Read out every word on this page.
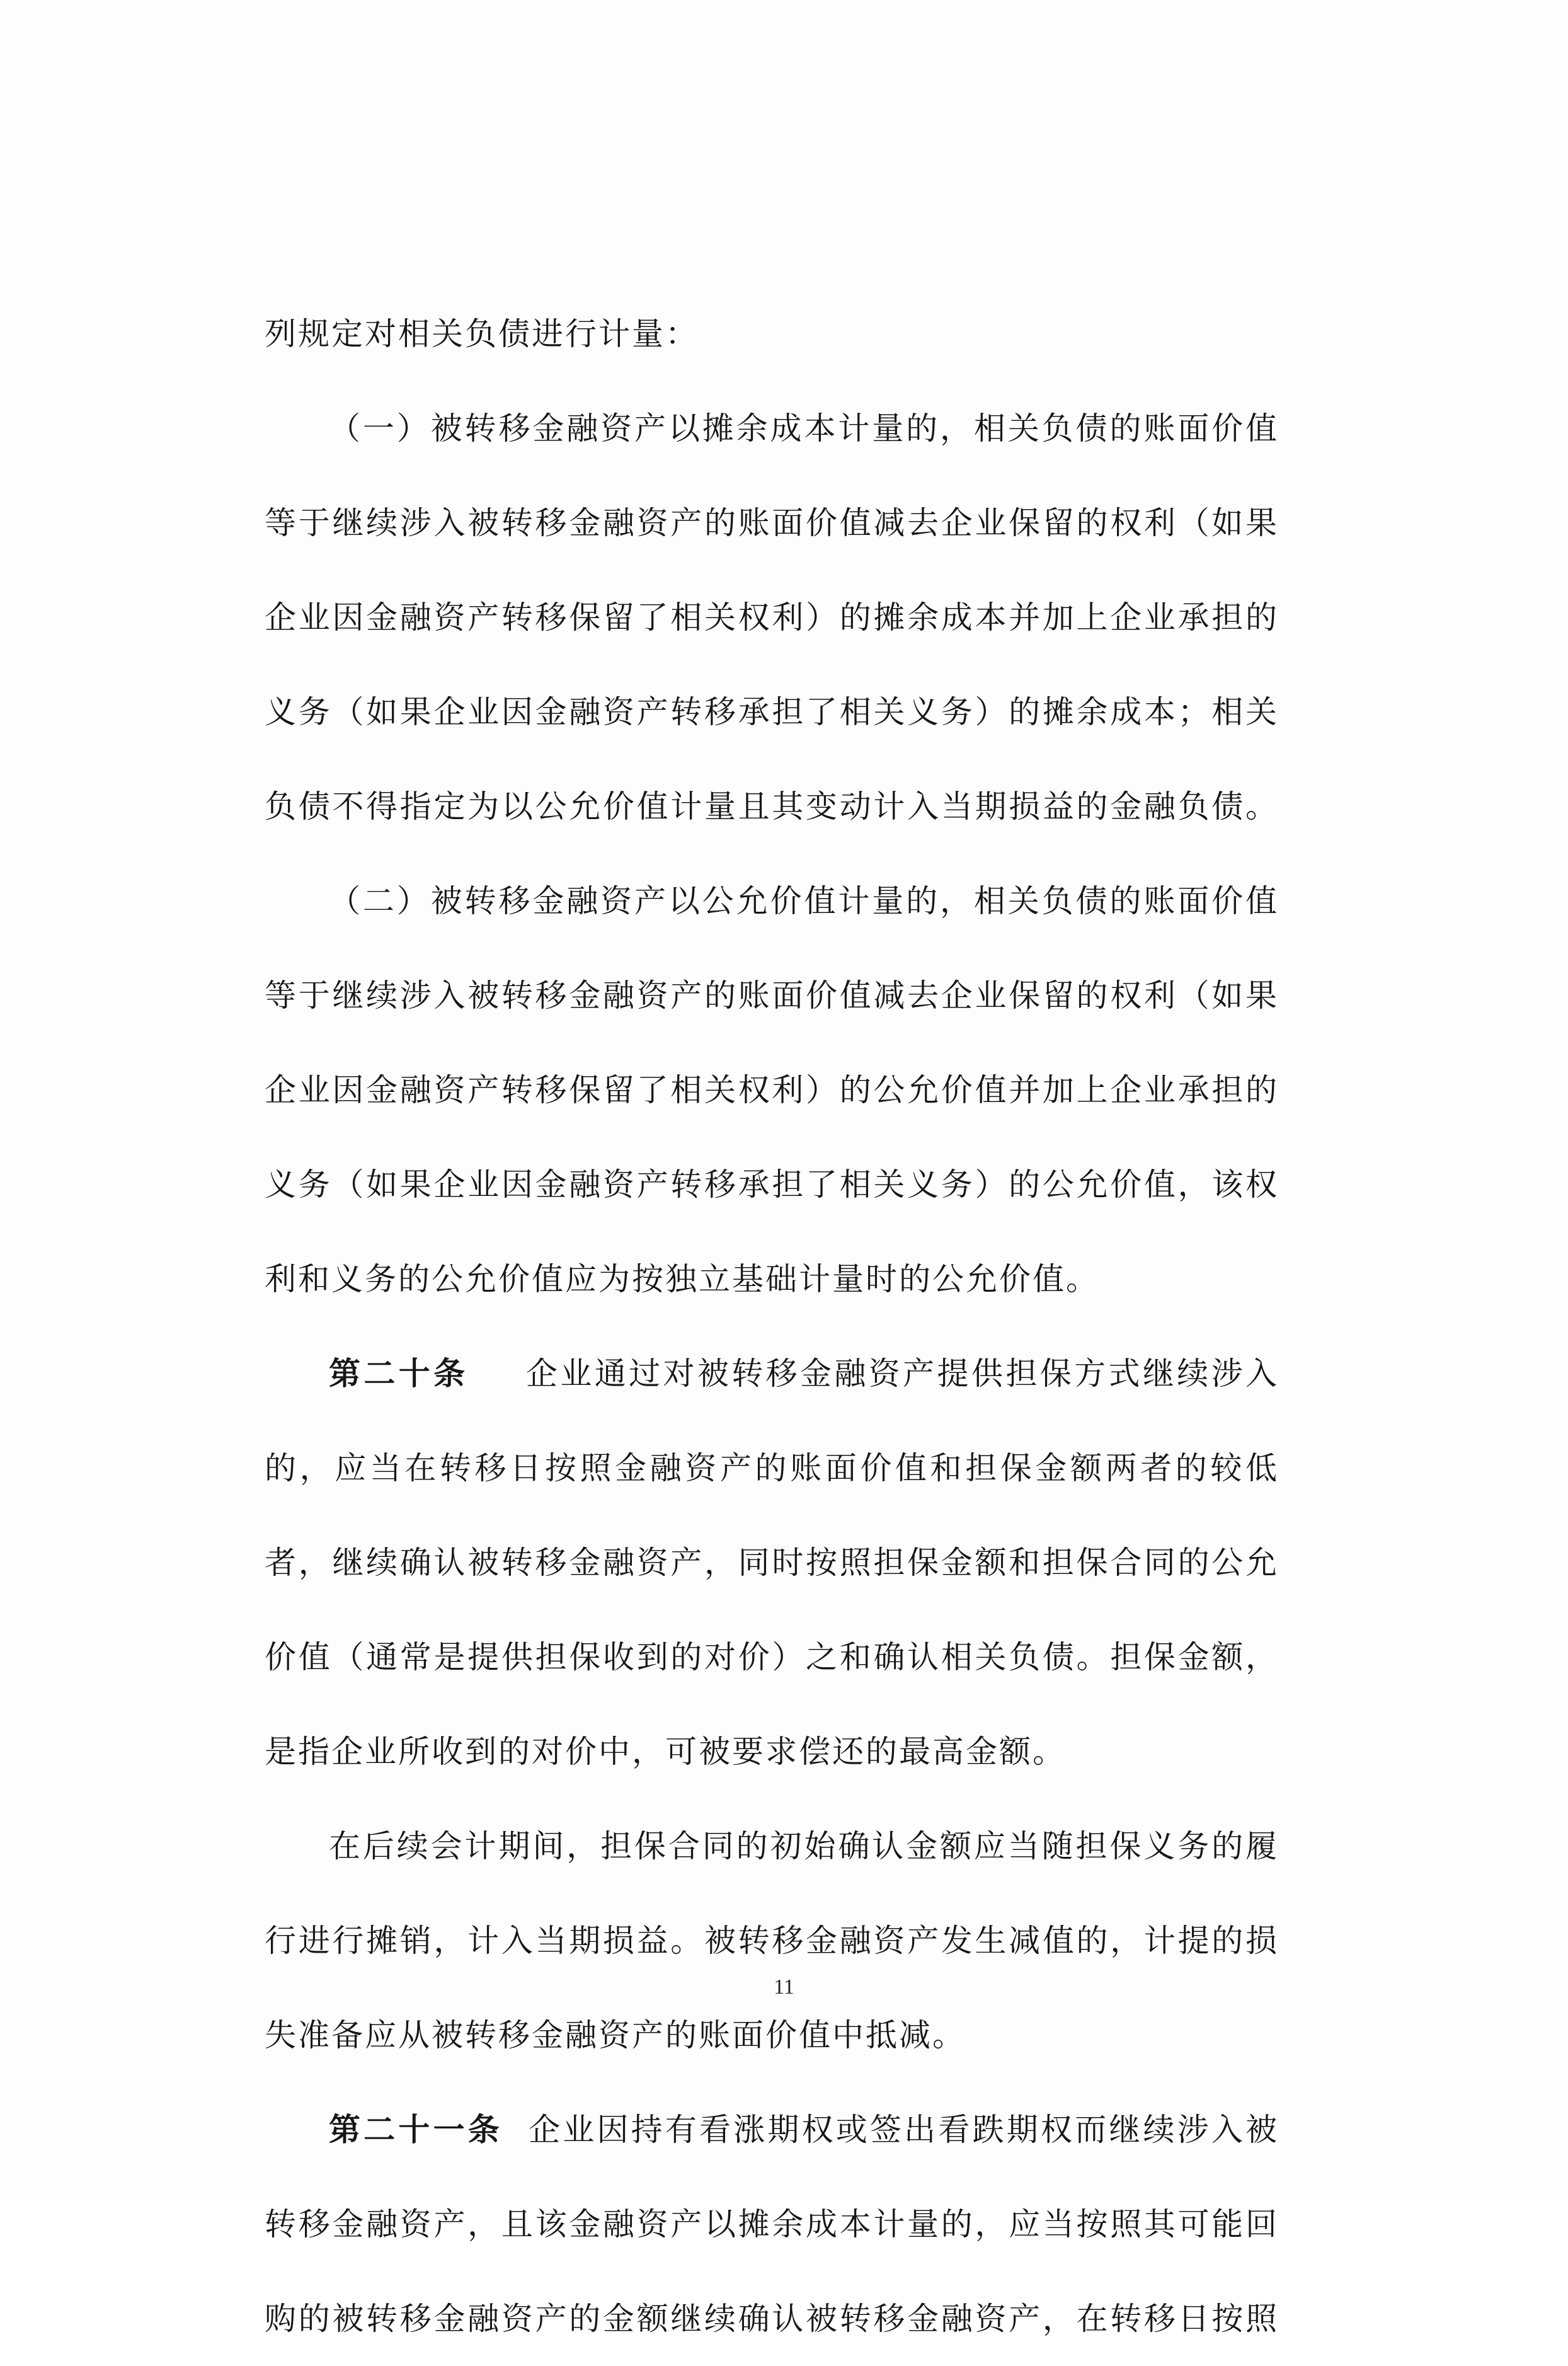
列规定对相关负债进行计量：
（一）被转移金融资产以摊余成本计量的，相关负债的账面价值
等于继续涉入被转移金融资产的账面价值减去企业保留的权利（如果
企业因金融资产转移保留了相关权利）的摊余成本并加上企业承担的
义务（如果企业因金融资产转移承担了相关义务）的摊余成本；相关
负债不得指定为以公允价值计量且其变动计入当期损益的金融负债。
（二）被转移金融资产以公允价值计量的，相关负债的账面价值
等于继续涉入被转移金融资产的账面价值减去企业保留的权利（如果
企业因金融资产转移保留了相关权利）的公允价值并加上企业承担的
义务（如果企业因金融资产转移承担了相关义务）的公允价值，该权
利和义务的公允价值应为按独立基础计量时的公允价值。
第二十条 企业通过对被转移金融资产提供担保方式继续涉入
的，应当在转移日按照金融资产的账面价值和担保金额两者的较低
者，继续确认被转移金融资产，同时按照担保金额和担保合同的公允
价值（通常是提供担保收到的对价）之和确认相关负债。担保金额，
是指企业所收到的对价中，可被要求偿还的最高金额。
在后续会计期间，担保合同的初始确认金额应当随担保义务的履
行进行摊销，计入当期损益。被转移金融资产发生减值的，计提的损
失准备应从被转移金融资产的账面价值中抵减。
第二十一条 企业因持有看涨期权或签出看跌期权而继续涉入被
转移金融资产，且该金融资产以摊余成本计量的，应当按照其可能回
购的被转移金融资产的金额继续确认被转移金融资产，在转移日按照
11
